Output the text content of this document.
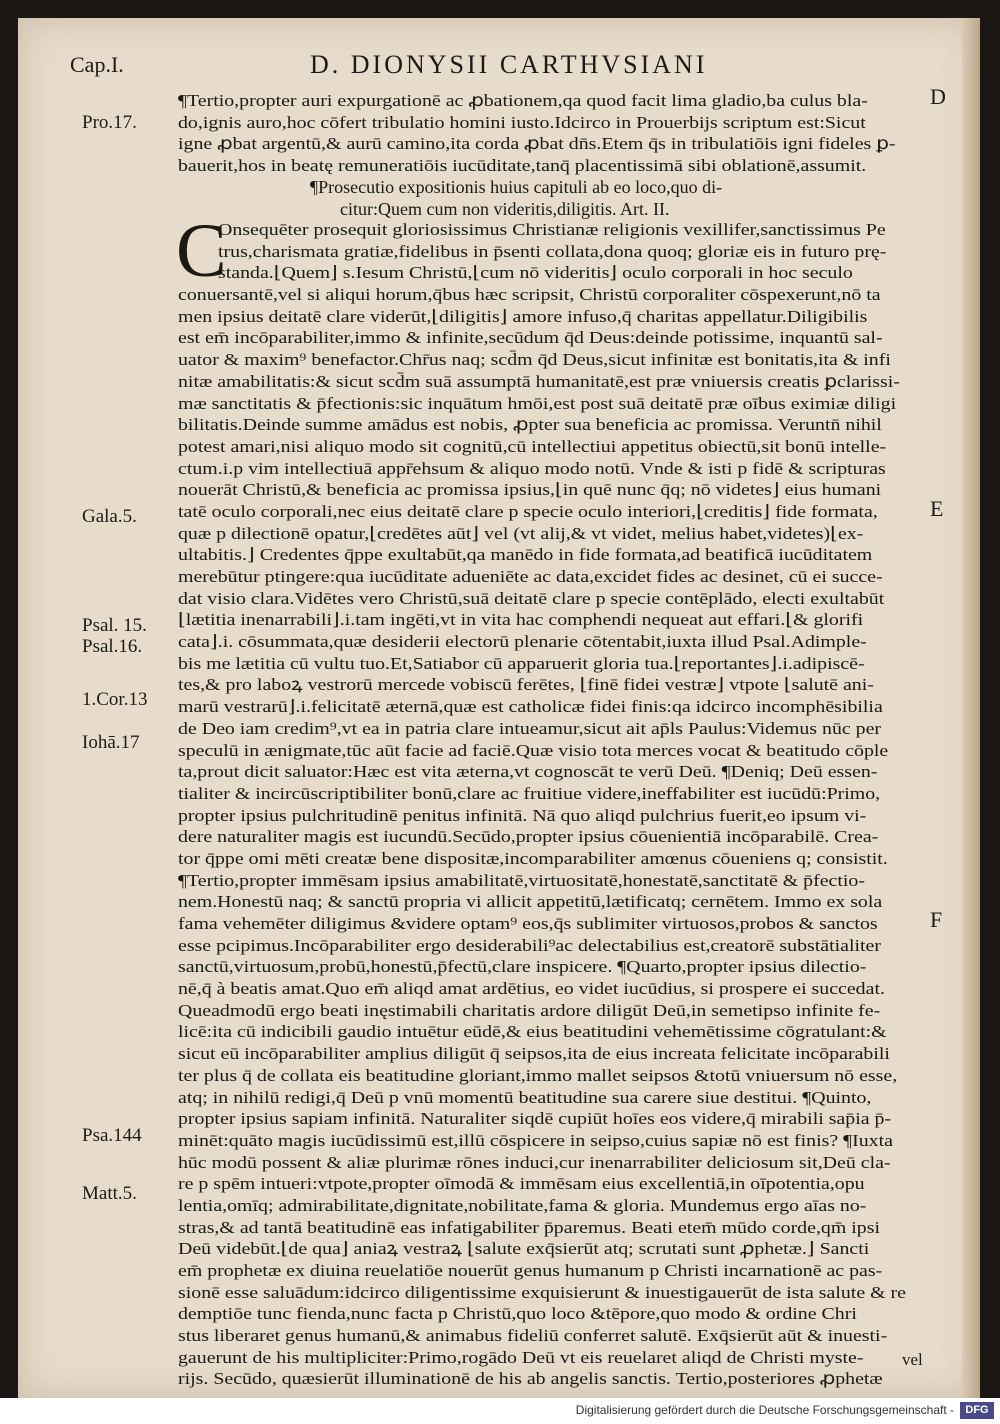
Cap.I.	D. DIONYSII CARTHVSIANI
Pro.17.
Gala.5.
Psal. 15.
Psal.16.
1.Cor.13
Iohā.17
Psa.144
Matt.5.
D
E
F
¶Tertio,propter auri expurgationē ac ꝓbationem,qa quod facit lima gladio,ba culus bla-
do,ignis auro,hoc cōfert tribulatio homini iusto.Idcirco in Prouerbijs scriptum est:Sicut
igne ꝓbat argentū,& aurū camino,ita corda ꝓbat dn̄s.Etem q̄s in tribulatiōis igni fideles ꝑ-
bauerit,hos in beatę remuneratiōis iucūditate,tanq̄ placentissimā sibi oblationē,assumit.
¶Prosecutio expositionis huius capituli ab eo loco,quo di-
citur:Quem cum non videritis,diligitis. Art. II.
C
Onsequēter prosequit gloriosissimus Christianæ religionis vexillifer,sanctissimus Pe
trus,charismata gratiæ,fidelibus in p̄senti collata,dona quoq; gloriæ eis in futuro prę-
standa.⌊Quem⌋ s.Iesum Christū,⌊cum nō videritis⌋ oculo corporali in hoc seculo
conuersantē,vel si aliqui horum,q̄bus hæc scripsit, Christū corporaliter cōspexerunt,nō ta
men ipsius deitatē clare viderūt,⌊diligitis⌋ amore infuso,q̄ charitas appellatur.Diligibilis
est em̄ incōparabiliter,immo & infinite,secūdum q̄d Deus:deinde potissime, inquantū sal-
uator & maxim⁹ benefactor.Chr̄us naq; scd̄m q̄d Deus,sicut infinitæ est bonitatis,ita & infi
nitæ amabilitatis:& sicut scd̄m suā assumptā humanitatē,est præ vniuersis creatis ꝑclarissi-
mæ sanctitatis & p̄fectionis:sic inquātum hmōi,est post suā deitatē præ oībus eximiæ diligi
bilitatis.Deinde summe amādus est nobis, ꝓpter sua beneficia ac promissa. Veruntn̄ nihil
potest amari,nisi aliquo modo sit cognitū,cū intellectiui appetitus obiectū,sit bonū intelle-
ctum.i.p vim intellectiuā appr̄ehsum & aliquo modo notū. Vnde & isti p fidē & scripturas
nouerāt Christū,& beneficia ac promissa ipsius,⌊in quē nunc q̄q; nō videtes⌋ eius humani
tatē oculo corporali,nec eius deitatē clare p specie oculo interiori,⌊creditis⌋ fide formata,
quæ p dilectionē opatur,⌊credētes aūt⌋ vel (vt alij,& vt videt, melius habet,videtes)⌊ex-
ultabitis.⌋ Credentes q̄ppe exultabūt,qa manēdo in fide formata,ad beatificā iucūditatem
merebūtur ptingere:qua iucūditate adueniēte ac data,excidet fides ac desinet, cū ei succe-
dat visio clara.Vidētes vero Christū,suā deitatē clare p specie contēplādo, electi exultabūt
⌊lætitia inenarrabili⌋.i.tam ingēti,vt in vita hac comphendi nequeat aut effari.⌊& glorifi
cata⌋.i. cōsummata,quæ desiderii electorū plenarie cōtentabit,iuxta illud Psal.Adimple-
bis me lætitia cū vultu tuo.Et,Satiabor cū apparuerit gloria tua.⌊reportantes⌋.i.adipiscē-
tes,& pro laboꝝ vestrorū mercede vobiscū ferētes, ⌊finē fidei vestræ⌋ vtpote ⌊salutē ani-
marū vestrarū⌋.i.felicitatē æternā,quæ est catholicæ fidei finis:qa idcirco incomphēsibilia
de Deo iam credim⁹,vt ea in patria clare intueamur,sicut ait ap̄ls Paulus:Videmus nūc per
speculū in ænigmate,tūc aūt facie ad faciē.Quæ visio tota merces vocat & beatitudo cōple
ta,prout dicit saluator:Hæc est vita æterna,vt cognoscāt te verū Deū. ¶Deniq; Deū essen-
tialiter & incircūscriptibiliter bonū,clare ac fruitiue videre,ineffabiliter est iucūdū:Primo,
propter ipsius pulchritudinē penitus infinitā. Nā quo aliqd pulchrius fuerit,eo ipsum vi-
dere naturaliter magis est iucundū.Secūdo,propter ipsius cōuenientiā incōparabilē. Crea-
tor q̄ppe omi mēti creatæ bene dispositæ,incomparabiliter amœnus cōueniens q; consistit.
¶Tertio,propter immēsam ipsius amabilitatē,virtuositatē,honestatē,sanctitatē & p̄fectio-
nem.Honestū naq; & sanctū propria vi allicit appetitū,lætificatq; cernētem. Immo ex sola
fama vehemēter diligimus &videre optam⁹ eos,q̄s sublimiter virtuosos,probos & sanctos
esse pcipimus.Incōparabiliter ergo desiderabili⁹ac delectabilius est,creatorē substātialiter
sanctū,virtuosum,probū,honestū,p̄fectū,clare inspicere. ¶Quarto,propter ipsius dilectio-
nē,q̄ à beatis amat.Quo em̄ aliqd amat ardētius, eo videt iucūdius, si prospere ei succedat.
Queadmodū ergo beati inęstimabili charitatis ardore diligūt Deū,in semetipso infinite fe-
licē:ita cū indicibili gaudio intuētur eūdē,& eius beatitudini vehemētissime cōgratulant:&
sicut eū incōparabiliter amplius diligūt q̄ seipsos,ita de eius increata felicitate incōparabili
ter plus q̄ de collata eis beatitudine gloriant,immo mallet seipsos &totū vniuersum nō esse,
atq; in nihilū redigi,q̄ Deū p vnū momentū beatitudine sua carere siue destitui. ¶Quinto,
propter ipsius sapiam infinitā. Naturaliter siqdē cupiūt hoīes eos videre,q̄ mirabili sap̄ia p̄-
minēt:quāto magis iucūdissimū est,illū cōspicere in seipso,cuius sapiæ nō est finis? ¶Iuxta
hūc modū possent & aliæ plurimæ rōnes induci,cur inenarrabiliter deliciosum sit,Deū cla-
re p spēm intueri:vtpote,propter oīmodā & immēsam eius excellentiā,in oīpotentia,opu
lentia,omīq; admirabilitate,dignitate,nobilitate,fama & gloria. Mundemus ergo aīas no-
stras,& ad tantā beatitudinē eas infatigabiliter p̄paremus. Beati etem̄ mūdo corde,qm̄ ipsi
Deū videbūt.⌊de qua⌋ aniaꝝ vestraꝝ ⌊salute exq̄sierūt atq; scrutati sunt ꝓphetæ.⌋ Sancti
em̄ prophetæ ex diuina reuelatiōe nouerūt genus humanum p Christi incarnationē ac pas-
sionē esse saluādum:idcirco diligentissime exquisierunt & inuestigauerūt de ista salute & re
demptiōe tunc fienda,nunc facta p Christū,quo loco &tēpore,quo modo & ordine Chri
stus liberaret genus humanū,& animabus fideliū conferret salutē. Exq̄sierūt aūt & inuesti-
gauerunt de his multipliciter:Primo,rogādo Deū vt eis reuelaret aliqd de Christi myste-
rijs. Secūdo, quæsierūt illuminationē de his ab angelis sanctis. Tertio,posteriores ꝓphetæ
vel
Digitalisierung gefördert durch die Deutsche Forschungsgemeinschaft -	DFG
